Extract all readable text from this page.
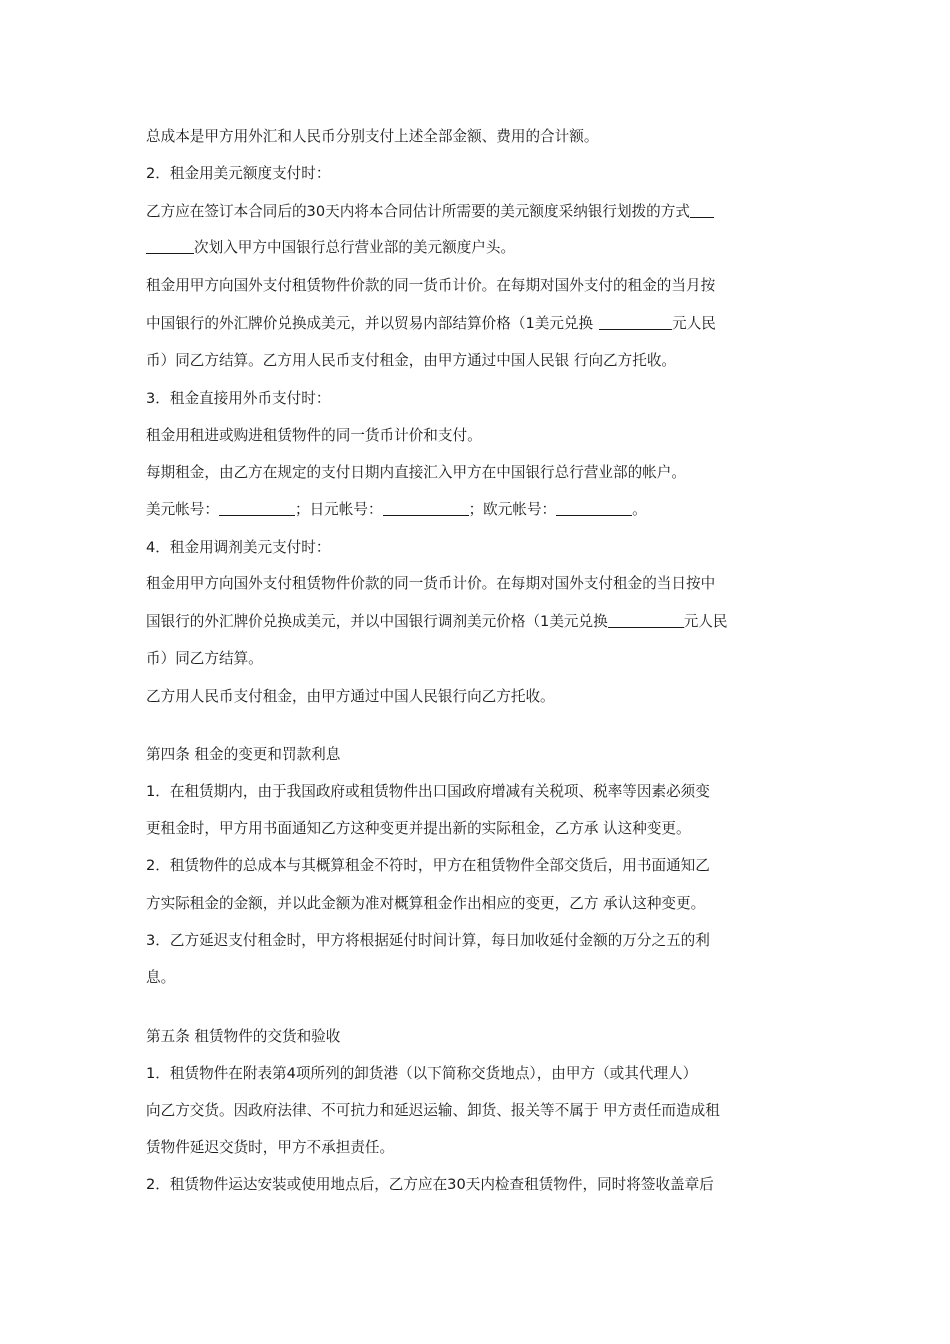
总成本是甲方用外汇和人民币分别支付上述全部金额、费用的合计额。

2．租金用美元额度支付时：

乙方应在签订本合同后的30天内将本合同估计所需要的美元额度采纳银行划拨的方式

次划入甲方中国银行总行营业部的美元额度户头。

租金用甲方向国外支付租赁物件价款的同一货币计价。在每期对国外支付的租金的当月按

中国银行的外汇牌价兑换成美元，并以贸易内部结算价格（1美元兑换	元人民

币）同乙方结算。乙方用人民币支付租金，由甲方通过中国人民银 行向乙方托收。

3．租金直接用外币支付时：

租金用租进或购进租赁物件的同一货币计价和支付。

每期租金，由乙方在规定的支付日期内直接汇入甲方在中国银行总行营业部的帐户。

美元帐号：	；日元帐号：	；欧元帐号：	。

4．租金用调剂美元支付时：

租金用甲方向国外支付租赁物件价款的同一货币计价。在每期对国外支付租金的当日按中

国银行的外汇牌价兑换成美元，并以中国银行调剂美元价格（1美元兑换	元人民

币）同乙方结算。

乙方用人民币支付租金，由甲方通过中国人民银行向乙方托收。

第四条 租金的变更和罚款利息

1．在租赁期内，由于我国政府或租赁物件出口国政府增减有关税项、税率等因素必须变

更租金时，甲方用书面通知乙方这种变更并提出新的实际租金，乙方承 认这种变更。

2．租赁物件的总成本与其概算租金不符时，甲方在租赁物件全部交货后，用书面通知乙

方实际租金的金额，并以此金额为准对概算租金作出相应的变更，乙方 承认这种变更。

3．乙方延迟支付租金时，甲方将根据延付时间计算，每日加收延付金额的万分之五的利

息。

第五条 租赁物件的交货和验收

1．租赁物件在附表第4项所列的卸货港（以下简称交货地点），由甲方（或其代理人）

向乙方交货。因政府法律、不可抗力和延迟运输、卸货、报关等不属于 甲方责任而造成租

赁物件延迟交货时，甲方不承担责任。

2．租赁物件运达安装或使用地点后，乙方应在30天内检查租赁物件，同时将签收盖章后
